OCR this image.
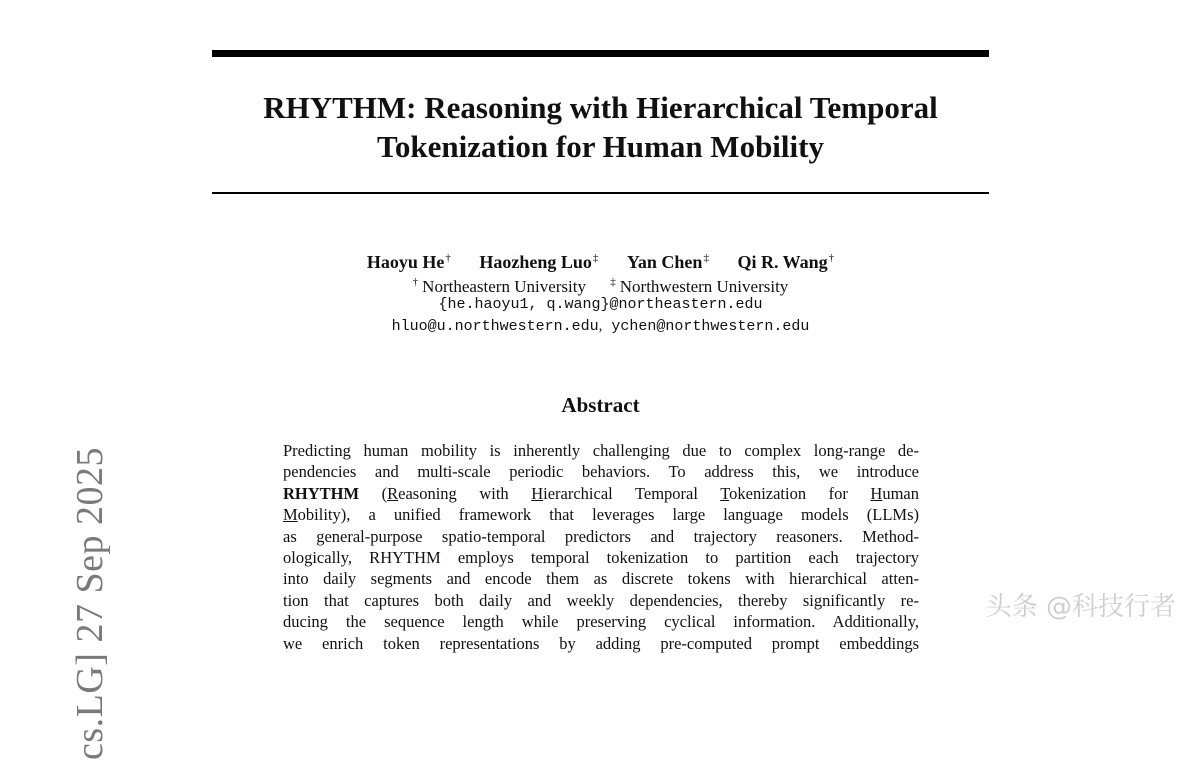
RHYTHM: Reasoning with Hierarchical Temporal
Tokenization for Human Mobility
Haoyu He† Haozheng Luo‡ Yan Chen‡ Qi R. Wang†
† Northeastern University ‡ Northwestern University
{he.haoyu1, q.wang}@northeastern.edu
hluo@u.northwestern.edu, ychen@northwestern.edu
Abstract
Predicting human mobility is inherently challenging due to complex long-range de-
pendencies and multi-scale periodic behaviors. To address this, we introduce
RHYTHM (Reasoning with Hierarchical Temporal Tokenization for Human
Mobility), a unified framework that leverages large language models (LLMs)
as general-purpose spatio-temporal predictors and trajectory reasoners. Method-
ologically, RHYTHM employs temporal tokenization to partition each trajectory
into daily segments and encode them as discrete tokens with hierarchical atten-
tion that captures both daily and weekly dependencies, thereby significantly re-
ducing the sequence length while preserving cyclical information. Additionally,
we enrich token representations by adding pre-computed prompt embeddings
cs.LG] 27 Sep 2025	头条 @科技行者
